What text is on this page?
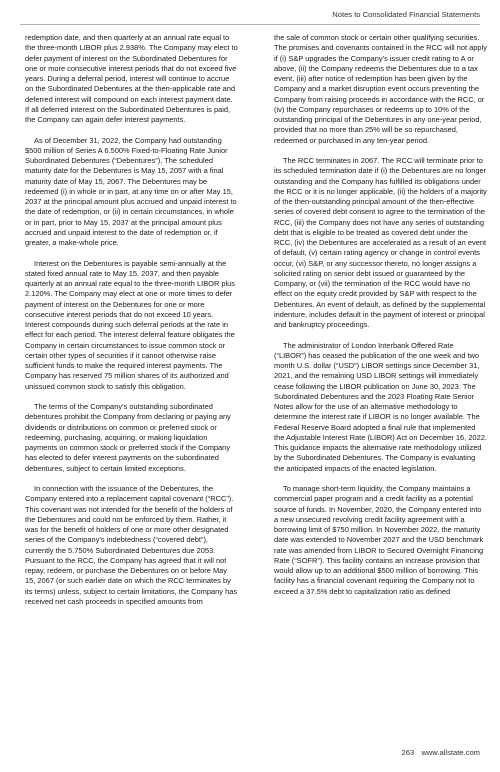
Notes to Consolidated Financial Statements

redemption date, and then quarterly at an annual rate equal to the three-month LIBOR plus 2.938%. The Company may elect to defer payment of interest on the Subordinated Debentures for one or more consecutive interest periods that do not exceed five years. During a deferral period, interest will continue to accrue on the Subordinated Debentures at the then-applicable rate and deferred interest will compound on each interest payment date. If all deferred interest on the Subordinated Debentures is paid, the Company can again defer interest payments.

As of December 31, 2022, the Company had outstanding $500 million of Series A 6.500% Fixed-to-Floating Rate Junior Subordinated Debentures (“Debentures”). The scheduled maturity date for the Debentures is May 15, 2057 with a final maturity date of May 15, 2067. The Debentures may be redeemed (i) in whole or in part, at any time on or after May 15, 2037 at the principal amount plus accrued and unpaid interest to the date of redemption, or (ii) in certain circumstances, in whole or in part, prior to May 15, 2037 at the principal amount plus accrued and unpaid interest to the date of redemption or, if greater, a make-whole price.

Interest on the Debentures is payable semi-annually at the stated fixed annual rate to May 15, 2037, and then payable quarterly at an annual rate equal to the three-month LIBOR plus 2.120%. The Company may elect at one or more times to defer payment of interest on the Debentures for one or more consecutive interest periods that do not exceed 10 years. Interest compounds during such deferral periods at the rate in effect for each period. The interest deferral feature obligates the Company in certain circumstances to issue common stock or certain other types of securities if it cannot otherwise raise sufficient funds to make the required interest payments. The Company has reserved 75 million shares of its authorized and unissued common stock to satisfy this obligation.

The terms of the Company’s outstanding subordinated debentures prohibit the Company from declaring or paying any dividends or distributions on common or preferred stock or redeeming, purchasing, acquiring, or making liquidation payments on common stock or preferred stock if the Company has elected to defer interest payments on the subordinated debentures, subject to certain limited exceptions.

In connection with the issuance of the Debentures, the Company entered into a replacement capital covenant (“RCC”). This covenant was not intended for the benefit of the holders of the Debentures and could not be enforced by them. Rather, it was for the benefit of holders of one or more other designated series of the Company’s indebtedness (“covered debt”), currently the 5.750% Subordinated Debentures due 2053. Pursuant to the RCC, the Company has agreed that it will not repay, redeem, or purchase the Debentures on or before May 15, 2067 (or such earlier date on which the RCC terminates by its terms) unless, subject to certain limitations, the Company has received net cash proceeds in specified amounts from

the sale of common stock or certain other qualifying securities. The promises and covenants contained in the RCC will not apply if (i) S&P upgrades the Company’s issuer credit rating to A or above, (ii) the Company redeems the Debentures due to a tax event, (iii) after notice of redemption has been given by the Company and a market disruption event occurs preventing the Company from raising proceeds in accordance with the RCC, or (iv) the Company repurchases or redeems up to 10% of the outstanding principal of the Debentures in any one-year period, provided that no more than 25% will be so repurchased, redeemed or purchased in any ten-year period.

The RCC terminates in 2067. The RCC will terminate prior to its scheduled termination date if (i) the Debentures are no longer outstanding and the Company has fulfilled its obligations under the RCC or it is no longer applicable, (ii) the holders of a majority of the then-outstanding principal amount of the then-effective series of covered debt consent to agree to the termination of the RCC, (iii) the Company does not have any series of outstanding debt that is eligible to be treated as covered debt under the RCC, (iv) the Debentures are accelerated as a result of an event of default, (v) certain rating agency or change in control events occur, (vi) S&P, or any successor thereto, no longer assigns a solicited rating on senior debt issued or guaranteed by the Company, or (vii) the termination of the RCC would have no effect on the equity credit provided by S&P with respect to the Debentures. An event of default, as defined by the supplemental indenture, includes default in the payment of interest or principal and bankruptcy proceedings.

The administrator of London Interbank Offered Rate (“LIBOR”) has ceased the publication of the one week and two month U.S. dollar (“USD”) LIBOR settings since December 31, 2021, and the remaining USD LIBOR settings will immediately cease following the LIBOR publication on June 30, 2023. The Subordinated Debentures and the 2023 Floating Rate Senior Notes allow for the use of an alternative methodology to determine the interest rate if LIBOR is no longer available. The Federal Reserve Board adopted a final rule that implemented the Adjustable Interest Rate (LIBOR) Act on December 16, 2022. This guidance impacts the alternative rate methodology utilized by the Subordinated Debentures. The Company is evaluating the anticipated impacts of the enacted legislation.

To manage short-term liquidity, the Company maintains a commercial paper program and a credit facility as a potential source of funds. In November, 2020, the Company entered into a new unsecured revolving credit facility agreement with a borrowing limit of $750 million. In November 2022, the maturity date was extended to November 2027 and the USD benchmark rate was amended from LIBOR to Secured Overnight Financing Rate (“SOFR”). This facility contains an increase provision that would allow up to an additional $500 million of borrowing. This facility has a financial covenant requiring the Company not to exceed a 37.5% debt to capitalization ratio as defined

263 www.allstate.com
